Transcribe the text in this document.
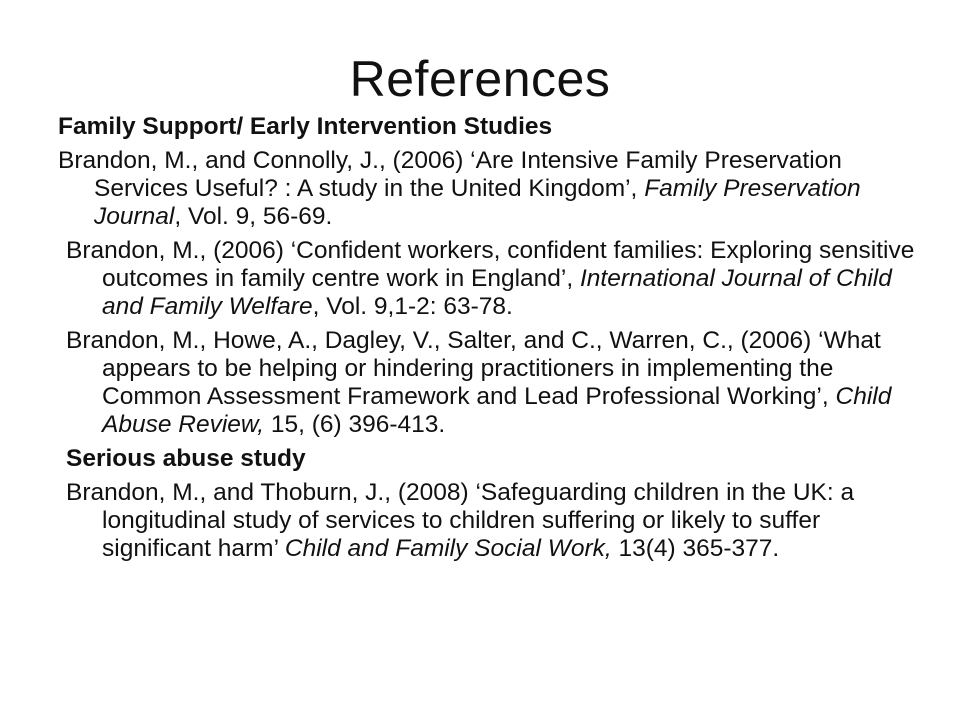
References
Family Support/ Early Intervention Studies

Brandon, M., and Connolly, J., (2006) ‘Are Intensive Family Preservation Services Useful? : A study in the United Kingdom’, Family Preservation Journal, Vol. 9, 56-69.

Brandon, M., (2006) ‘Confident workers, confident families: Exploring sensitive outcomes in family centre work in England’, International Journal of Child and Family Welfare, Vol. 9,1-2: 63-78.

Brandon, M., Howe, A., Dagley, V., Salter, and C., Warren, C., (2006) ‘What appears to be helping or hindering practitioners in implementing the Common Assessment Framework and Lead Professional Working’, Child Abuse Review, 15, (6) 396-413.

Serious abuse study

Brandon, M., and Thoburn, J., (2008) ‘Safeguarding children in the UK: a longitudinal study of services to children suffering or likely to suffer significant harm’ Child and Family Social Work, 13(4) 365-377.
